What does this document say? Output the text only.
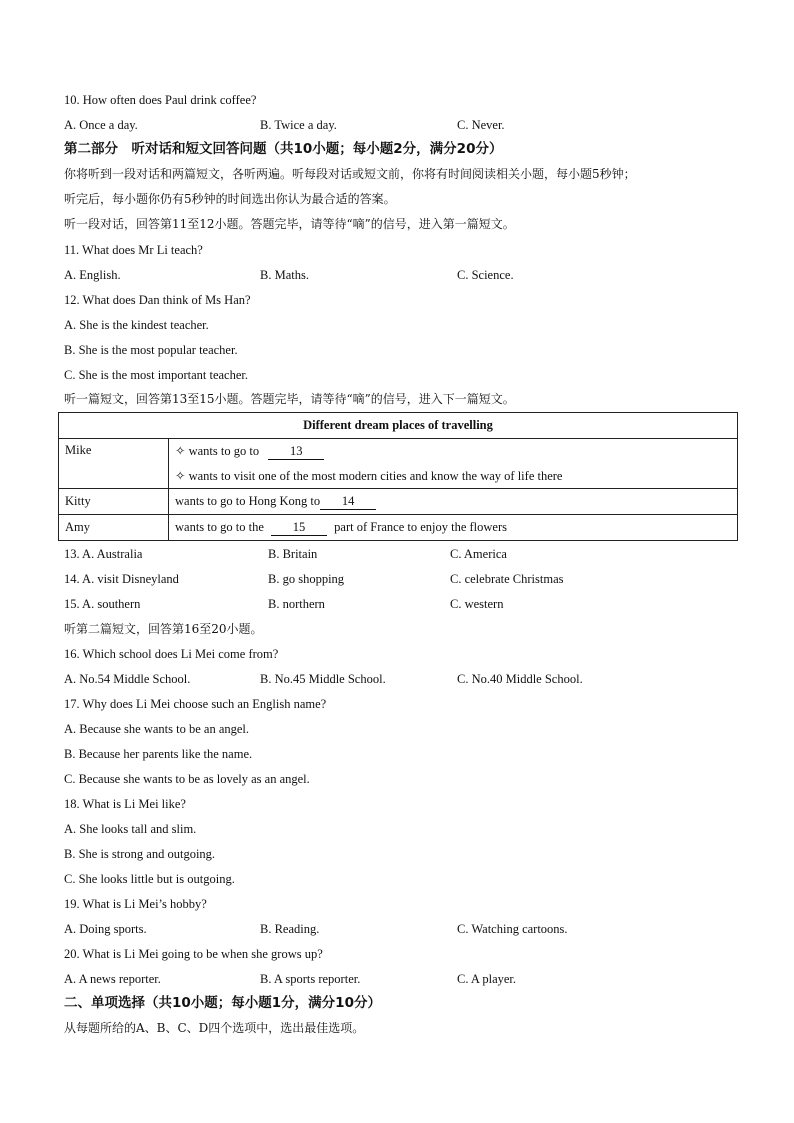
10. How often does Paul drink coffee?
A. Once a day.	B. Twice a day.	C. Never.
第二部分　听对话和短文回答问题（共10小题；每小题2分，满分20分）
你将听到一段对话和两篇短文，各听两遍。听每段对话或短文前，你将有时间阅读相关小题，每小题5秒钟；
听完后，每小题你仍有5秒钟的时间选出你认为最合适的答案。
听一段对话，回答第11至12小题。答题完毕，请等待“嘀”的信号，进入第一篇短文。
11. What does Mr Li teach?
A. English.	B. Maths.	C. Science.
12. What does Dan think of Ms Han?
A. She is the kindest teacher.
B. She is the most popular teacher.
C. She is the most important teacher.
听一篇短文，回答第13至15小题。答题完毕，请等待“嘀”的信号，进入下一篇短文。
Different dream places of travelling	
Mike	✧ wants to go to 13
	✧ wants to visit one of the most modern cities and know the way of life there
Kitty	wants to go to Hong Kong to 14
Amy	wants to go to the 15 part of France to enjoy the flowers
13. A. Australia	B. Britain	C. America
14. A. visit Disneyland	B. go shopping	C. celebrate Christmas
15. A. southern	B. northern	C. western
听第二篇短文，回答第16至20小题。
16. Which school does Li Mei come from?
A. No.54 Middle School.	B. No.45 Middle School.	C. No.40 Middle School.
17. Why does Li Mei choose such an English name?
A. Because she wants to be an angel.
B. Because her parents like the name.
C. Because she wants to be as lovely as an angel.
18. What is Li Mei like?
A. She looks tall and slim.
B. She is strong and outgoing.
C. She looks little but is outgoing.
19. What is Li Mei’s hobby?
A. Doing sports.	B. Reading.	C. Watching cartoons.
20. What is Li Mei going to be when she grows up?
A. A news reporter.	B. A sports reporter.	C. A player.
二、单项选择（共10小题；每小题1分，满分10分）
从每题所给的A、B、C、D四个选项中，选出最佳选项。
